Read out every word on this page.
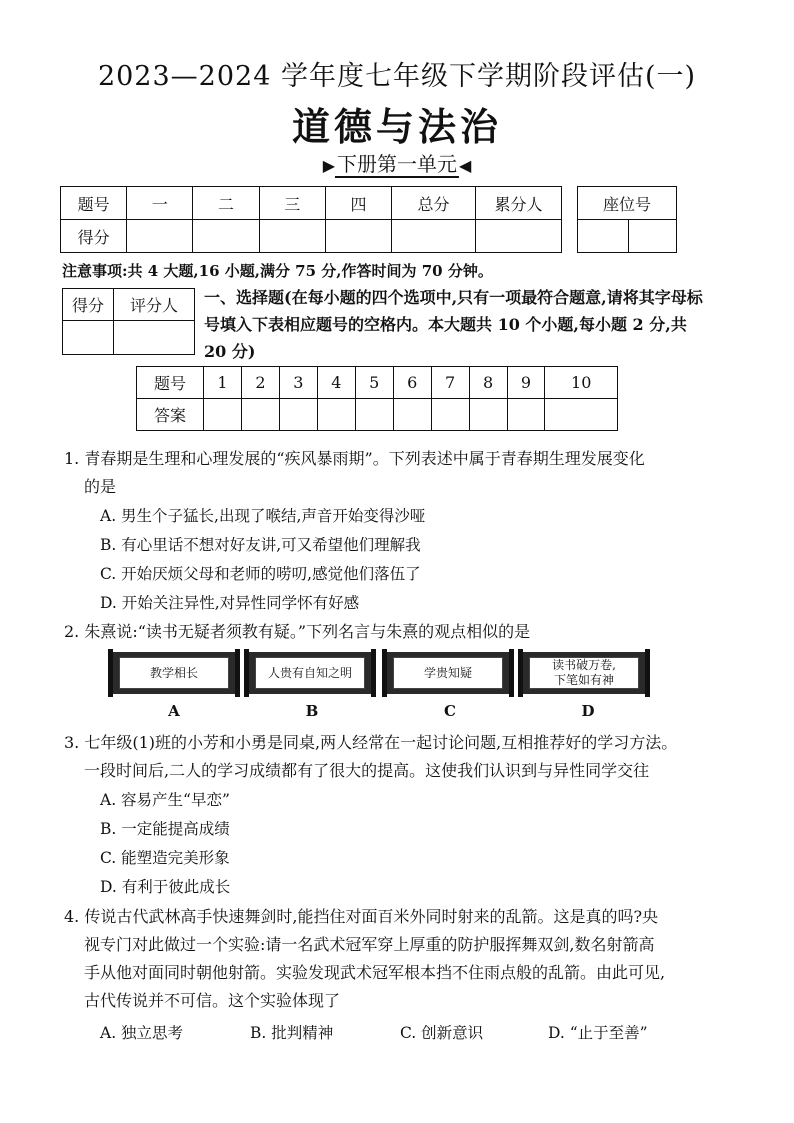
2023—2024 学年度七年级下学期阶段评估(一)
道德与法治
▶ 下册第一单元 ◀
题号	一	二	三	四	总分	累分人
得分						
座位号

注意事项:共 4 大题,16 小题,满分 75 分,作答时间为 70 分钟。
得分	评分人
	一、选择题(在每小题的四个选项中,只有一项最符合题意,请将其字母标号填入下表相应题号的空格内。本大题共 10 个小题,每小题 2 分,共 20 分)
题号	1	2	3	4	5	6	7	8	9	10
答案										
1. 青春期是生理和心理发展的“疾风暴雨期”。下列表述中属于青春期生理发展变化
的是
A. 男生个子猛长,出现了喉结,声音开始变得沙哑
B. 有心里话不想对好友讲,可又希望他们理解我
C. 开始厌烦父母和老师的唠叨,感觉他们落伍了
D. 开始关注异性,对异性同学怀有好感
2. 朱熹说:“读书无疑者须教有疑。”下列名言与朱熹的观点相似的是
教学相长	人贵有自知之明	学贵知疑
读书破万卷,
下笔如有神
A	B	C	D
3. 七年级(1)班的小芳和小勇是同桌,两人经常在一起讨论问题,互相推荐好的学习方法。
一段时间后,二人的学习成绩都有了很大的提高。这使我们认识到与异性同学交往
A. 容易产生“早恋”
B. 一定能提高成绩
C. 能塑造完美形象
D. 有利于彼此成长
4. 传说古代武林高手快速舞剑时,能挡住对面百米外同时射来的乱箭。这是真的吗?央
视专门对此做过一个实验:请一名武术冠军穿上厚重的防护服挥舞双剑,数名射箭高
手从他对面同时朝他射箭。实验发现武术冠军根本挡不住雨点般的乱箭。由此可见,
古代传说并不可信。这个实验体现了
A. 独立思考	B. 批判精神	C. 创新意识	D. “止于至善”
